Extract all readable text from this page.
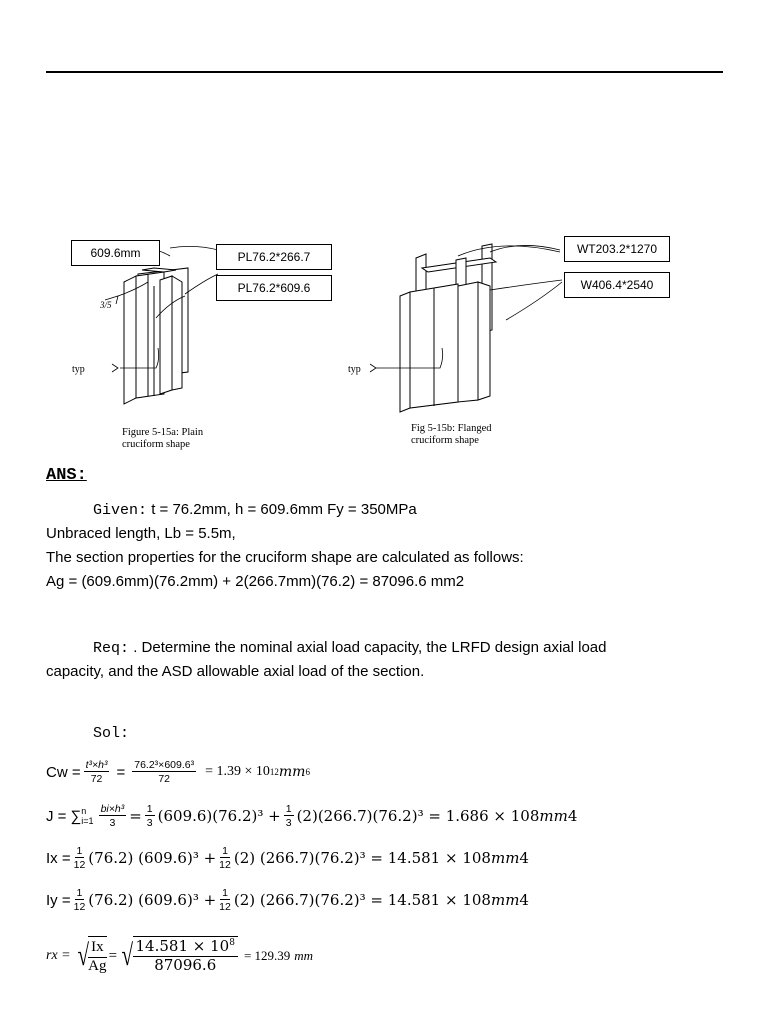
typ
3/5
609.6mm	PL76.2*266.7
PL76.2*609.6
Figure 5-15a: Plain
cruciform shape
typ
WT203.2*1270
W406.4*2540
Fig 5-15b: Flanged
cruciform shape
ANS:
Given: t = 76.2mm, h = 609.6mm Fy = 350MPa
Unbraced length, Lb = 5.5m,
The section properties for the cruciform shape are calculated as follows:
Ag = (609.6mm)(76.2mm) + 2(266.7mm)(76.2) = 87096.6 mm2
Req: . Determine the nominal axial load capacity, the LRFD design axial load
capacity, and the ASD allowable axial load of the section.
Sol:
$Cw = \frac{\text{t³×h³}}{72} = \frac{\text{76.2³×609.6³}}{72} = 1.39 \times 10$ 12 mm 6
J = ∑ n
$i=1 \frac{\text{bi×h³}}{3} = \frac{1}{3} (609.6)(76.2)^3 + \frac{1}{3} (2)(266.7)(76.2)^3 = 1.686 \times 10$ 8 mm 4
$Ix = \frac{1}{12} (76.2) (609.6)^3 + \frac{1}{12} (2) (266.7)(76.2)^3 = 14.581 \times 10$ 8 mm 4
$Iy = \frac{1}{12} (76.2) (609.6)^3 + \frac{1}{12} (2) (266.7)(76.2)^3 = 14.581 \times 10$ 8 mm 4
rx = √ $\frac{Ix}{Ag}$ = √ $\frac{14.581 \times 10^8}{87096.6} = 129.39$ mm
